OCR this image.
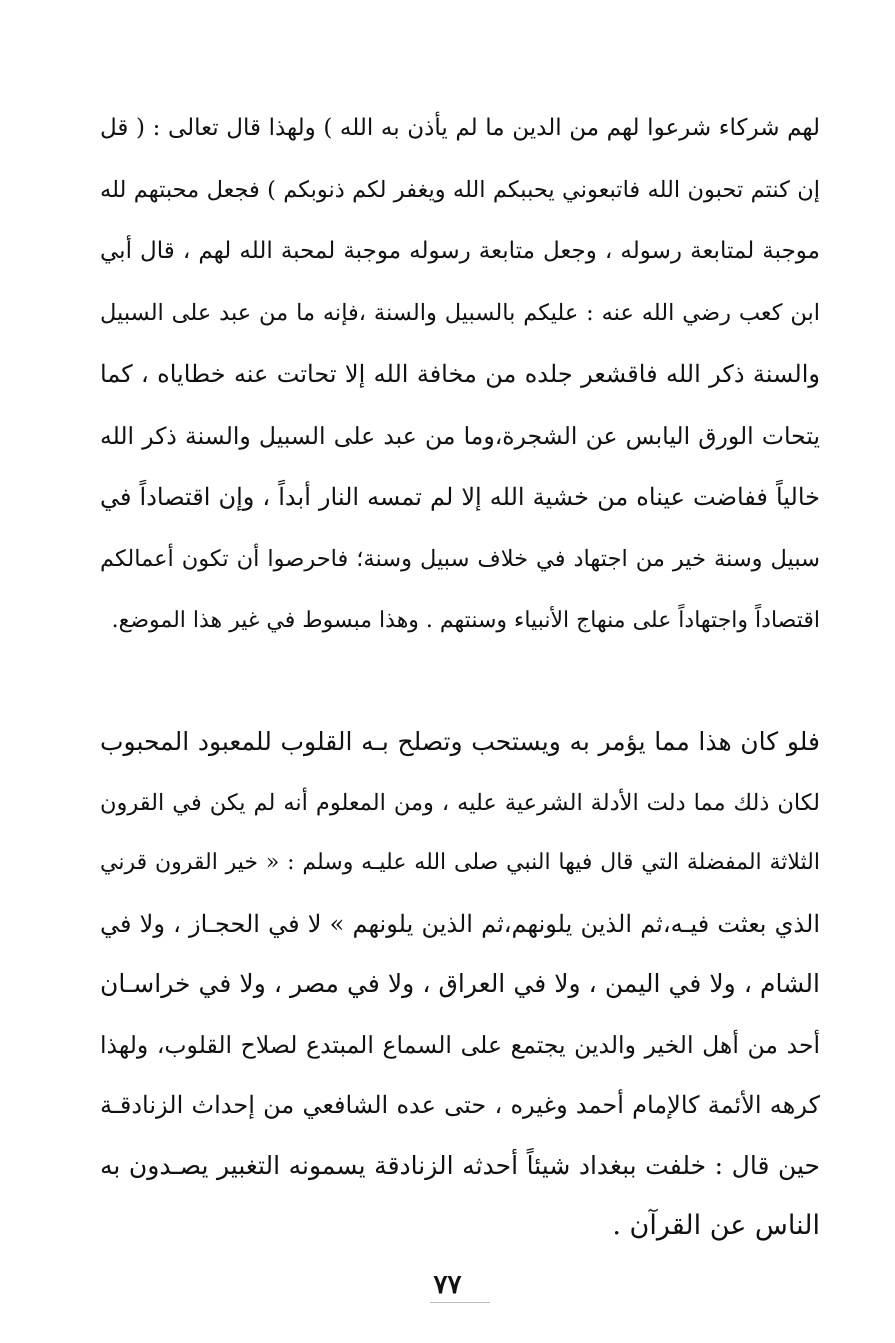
لهم شركاء شرعوا لهم من الدين ما لم يأذن به الله ) ولهذا قال تعالى : ( قل
إن كنتم تحبون الله فاتبعوني يحببكم الله ويغفر لكم ذنوبكم ) فجعل محبتهم لله
موجبة لمتابعة رسوله ، وجعل متابعة رسوله موجبة لمحبة الله لهم ، قال أبي
ابن كعب رضي الله عنه : عليكم بالسبيل والسنة ،فإنه ما من عبد على السبيل
والسنة ذكر الله فاقشعر جلده من مخافة الله إلا تحاتت عنه خطاياه ، كما
يتحات الورق اليابس عن الشجرة،وما من عبد على السبيل والسنة ذكر الله
خالياً ففاضت عيناه من خشية الله إلا لم تمسه النار أبداً ، وإن اقتصاداً في
سبيل وسنة خير من اجتهاد في خلاف سبيل وسنة؛ فاحرصوا أن تكون أعمالكم
اقتصاداً واجتهاداً على منهاج الأنبياء وسنتهم . وهذا مبسوط في غير هذا الموضع.
فلو كان هذا مما يؤمر به ويستحب وتصلح بـه القلوب للمعبود المحبوب
لكان ذلك مما دلت الأدلة الشرعية عليه ، ومن المعلوم أنه لم يكن في القرون
الثلاثة المفضلة التي قال فيها النبي صلى الله عليـه وسلم : « خير القرون قرني
الذي بعثت فيـه،ثم الذين يلونهم،ثم الذين يلونهم » لا في الحجـاز ، ولا في
الشام ، ولا في اليمن ، ولا في العراق ، ولا في مصر ، ولا في خراسـان
أحد من أهل الخير والدين يجتمع على السماع المبتدع لصلاح القلوب، ولهذا
كرهه الأئمة كالإمام أحمد وغيره ، حتى عده الشافعي من إحداث الزنادقـة
حين قال : خلفت ببغداد شيئاً أحدثه الزنادقة يسمونه التغبير يصـدون به
الناس عن القرآن .
٧٧
